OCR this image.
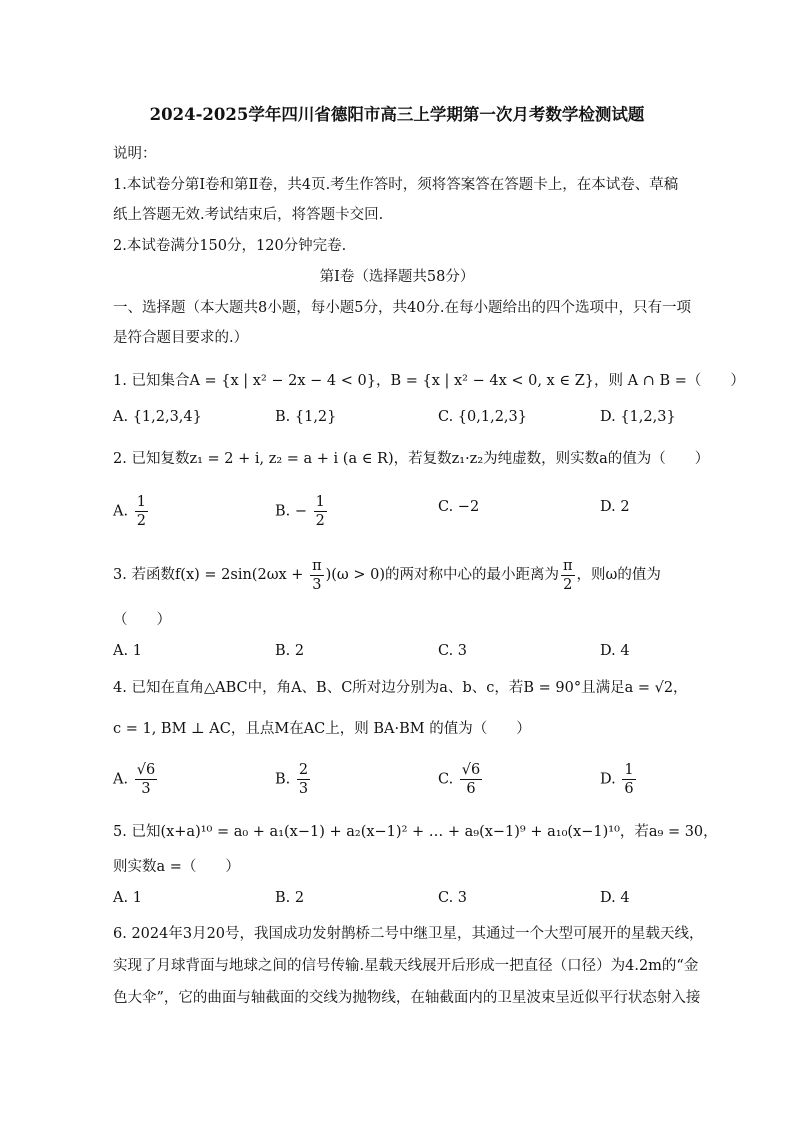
2024-2025学年四川省德阳市高三上学期第一次月考数学检测试题
说明：
1.本试卷分第Ⅰ卷和第Ⅱ卷，共4页.考生作答时，须将答案答在答题卡上，在本试卷、草稿
纸上答题无效.考试结束后，将答题卡交回.
2.本试卷满分150分，120分钟完卷.
第Ⅰ卷（选择题共58分）
一、选择题（本大题共8小题，每小题5分，共40分.在每小题给出的四个选项中，只有一项
是符合题目要求的.）
1. 已知集合A = {x | x² − 2x − 4 < 0}，B = {x | x² − 4x < 0, x ∈ Z}，则 A ∩ B =（　　）
A. {1,2,3,4}	B. {1,2}	C. {0,1,2,3}	D. {1,2,3}
2. 已知复数z₁ = 2 + i, z₂ = a + i (a ∈ R)，若复数z₁·z₂为纯虚数，则实数a的值为（　　）
A. $\frac{1}{2}$	B. − $\frac{1}{2}$	C. −2	D. 2
3. 若函数$f(x) = 2\sin(2\omega x + \frac{\pi}{3} )(\omega > 0)$的两对称中心的最小距离为 $\frac{\pi}{2}$ ，则ω的值为
（　　）
A. 1	B. 2	C. 3	D. 4
4. 已知在直角△ABC中，角A、B、C所对边分别为a、b、c，若B = 90°且满足a = √2，
c = 1, BM ⊥ AC，且点M在AC上，则 BA·BM 的值为（　　）
A. $\frac{√6}{3}$	B. $\frac{2}{3}$	C. $\frac{√6}{6}$	D. $\frac{1}{6}$
5. 已知(x+a)¹⁰ = a₀ + a₁(x−1) + a₂(x−1)² + … + a₉(x−1)⁹ + a₁₀(x−1)¹⁰，若a₉ = 30，
则实数a =（　　）
A. 1	B. 2	C. 3	D. 4
6. 2024年3月20号，我国成功发射鹊桥二号中继卫星，其通过一个大型可展开的星载天线，
实现了月球背面与地球之间的信号传输.星载天线展开后形成一把直径（口径）为4.2m的“金
色大伞”，它的曲面与轴截面的交线为抛物线，在轴截面内的卫星波束呈近似平行状态射入接
